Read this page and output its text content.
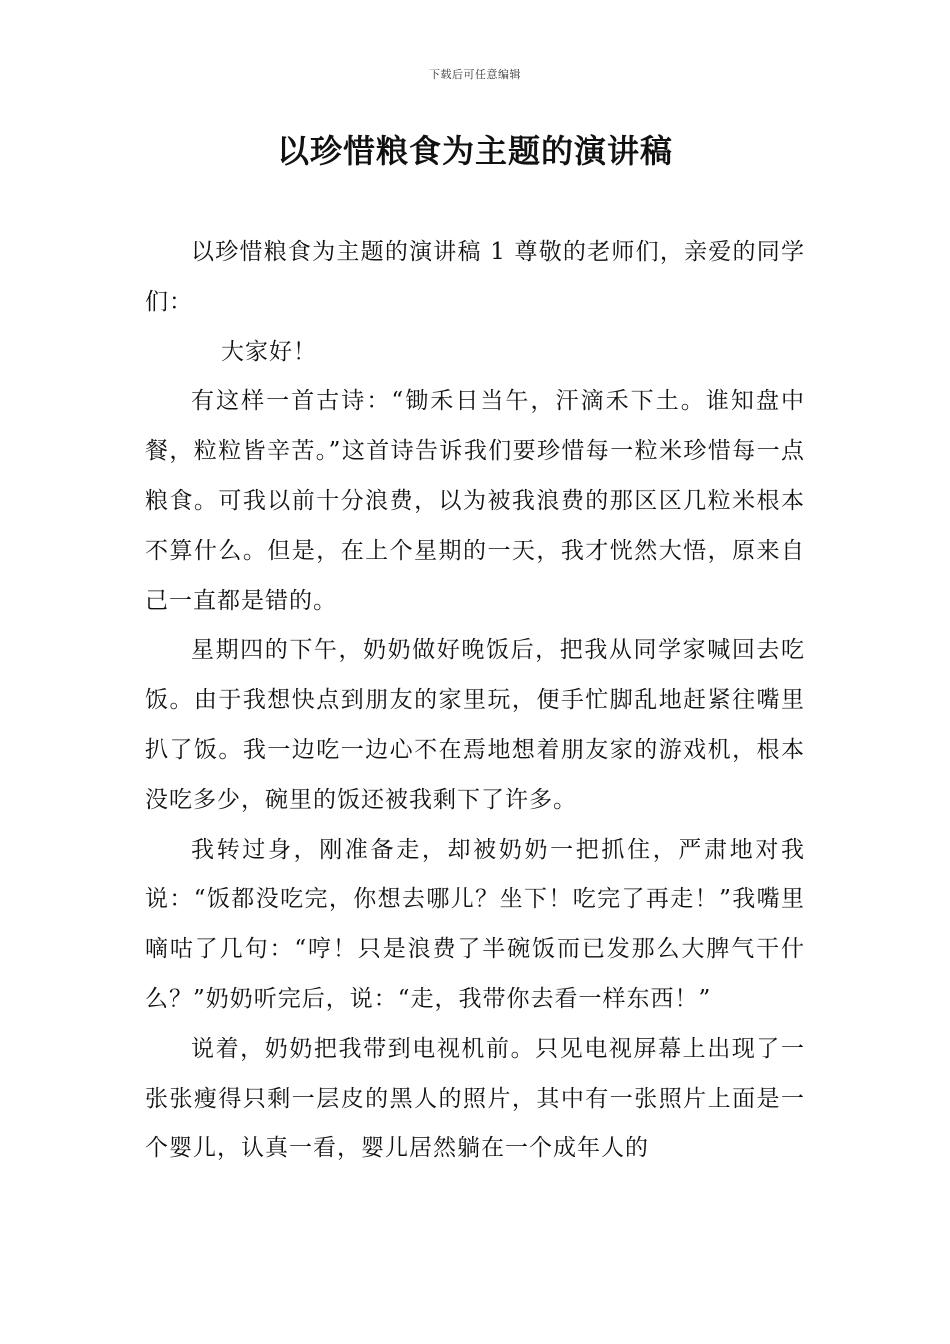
下载后可任意编辑
以珍惜粮食为主题的演讲稿

以珍惜粮食为主题的演讲稿 1 尊敬的老师们，亲爱的同学们：

大家好！

有这样一首古诗：“锄禾日当午，汗滴禾下土。谁知盘中餐，粒粒皆辛苦。”这首诗告诉我们要珍惜每一粒米珍惜每一点粮食。可我以前十分浪费，以为被我浪费的那区区几粒米根本不算什么。但是，在上个星期的一天，我才恍然大悟，原来自己一直都是错的。

星期四的下午，奶奶做好晚饭后，把我从同学家喊回去吃饭。由于我想快点到朋友的家里玩，便手忙脚乱地赶紧往嘴里扒了饭。我一边吃一边心不在焉地想着朋友家的游戏机，根本没吃多少，碗里的饭还被我剩下了许多。

我转过身，刚准备走，却被奶奶一把抓住，严肃地对我说：“饭都没吃完，你想去哪儿？坐下！吃完了再走！”我嘴里嘀咕了几句：“哼！只是浪费了半碗饭而已发那么大脾气干什么？”奶奶听完后，说：“走，我带你去看一样东西！”

说着，奶奶把我带到电视机前。只见电视屏幕上出现了一张张瘦得只剩一层皮的黑人的照片，其中有一张照片上面是一个婴儿，认真一看，婴儿居然躺在一个成年人的
